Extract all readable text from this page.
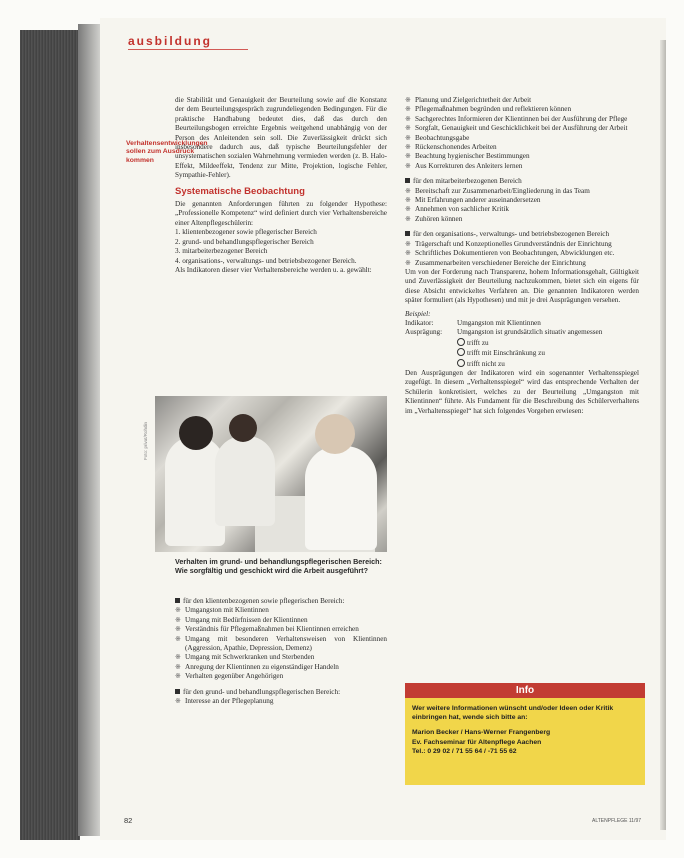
ausbildung
Verhaltensentwicklungen sollen zum Ausdruck kommen

die Stabilität und Genauigkeit der Beurteilung sowie auf die Konstanz der dem Beurteilungsgespräch zugrundeliegenden Bedingungen. Für die praktische Handhabung bedeutet dies, daß das durch den Beurteilungsbogen erreichte Ergebnis weitgehend unabhängig von der Person des Anleitenden sein soll. Die Zuverlässigkeit drückt sich insbesondere dadurch aus, daß typische Beurteilungsfehler der unsystematischen sozialen Wahrnehmung vermieden werden (z. B. Halo-Effekt, Mildeeffekt, Tendenz zur Mitte, Projektion, logische Fehler, Sympathie-Fehler).

Systematische Beobachtung

Die genannten Anforderungen führten zu folgender Hypothese: „Professionelle Kompetenz“ wird definiert durch vier Verhaltensbereiche einer Altenpflegeschülerin:

1. klientenbezogener sowie pflegerischer Bereich
2. grund- und behandlungspflegerischer Bereich
3. mitarbeiterbezogener Bereich
4. organisations-, verwaltungs- und betriebsbezogener Bereich.

Als Indikatoren dieser vier Verhaltensbereiche werden u. a. gewählt:

Foto: privat/Rohdin
Verhalten im grund- und behandlungspflegerischen Bereich: Wie sorgfältig und geschickt wird die Arbeit ausgeführt?
für den klientenbezogenen sowie pflegerischen Bereich:
※ Umgangston mit Klientinnen
※ Umgang mit Bedürfnissen der Klientinnen
※ Verständnis für Pflegemaßnahmen bei Klientinnen erreichen
※ Umgang mit besonderen Verhaltensweisen von Klientinnen (Aggression, Apathie, Depression, Demenz)
※ Umgang mit Schwerkranken und Sterbenden
※ Anregung der Klientinnen zu eigenständiger Handeln
※ Verhalten gegenüber Angehörigen
für den grund- und behandlungspflegerischen Bereich:
※ Interesse an der Pflegeplanung
※ Planung und Zielgerichtetheit der Arbeit
※ Pflegemaßnahmen begründen und reflektieren können
※ Sachgerechtes Informieren der Klientinnen bei der Ausführung der Pflege
※ Sorgfalt, Genauigkeit und Geschicklichkeit bei der Ausführung der Arbeit
※ Beobachtungsgabe
※ Rückenschonendes Arbeiten
※ Beachtung hygienischer Bestimmungen
※ Aus Korrekturen des Anleiters lernen
für den mitarbeiterbezogenen Bereich
※ Bereitschaft zur Zusammenarbeit/Eingliederung in das Team
※ Mit Erfahrungen anderer auseinandersetzen
※ Annehmen von sachlicher Kritik
※ Zuhören können
für den organisations-, verwaltungs- und betriebsbezogenen Bereich
※ Trägerschaft und Konzeptionelles Grundverständnis der Einrichtung
※ Schriftliches Dokumentieren von Beobachtungen, Abwicklungen etc.
※ Zusammenarbeiten verschiedener Bereiche der Einrichtung

Um von der Forderung nach Transparenz, hohem Informationsgehalt, Gültigkeit und Zuverlässigkeit der Beurteilung nachzukommen, bietet sich ein eigens für diese Absicht entwickeltes Verfahren an. Die genannten Indikatoren werden später formuliert (als Hypothesen) und mit je drei Ausprägungen versehen.

Beispiel:
Indikator:	Umgangston mit Klientinnen
Ausprägung:	Umgangston ist grundsätzlich situativ angemessen
trifft zu
trifft mit Einschränkung zu
trifft nicht zu

Den Ausprägungen der Indikatoren wird ein sogenannter Verhaltensspiegel zugefügt. In diesem „Verhaltensspiegel“ wird das entsprechende Verhalten der Schülerin konkretisiert, welches zu der Beurteilung „Umgangston mit Klientinnen“ führte. Als Fundament für die Beschreibung des Schülerverhaltens im „Verhaltensspiegel“ hat sich folgendes Vorgehen erwiesen:

Info
Wer weitere Informationen wünscht und/oder Ideen oder Kritik einbringen hat, wende sich bitte an:
Marion Becker / Hans-Werner Frangenberg
Ev. Fachseminar für Altenpflege Aachen
Tel.: 0 29 02 / 71 55 64 / -71 55 62
82	ALTENPFLEGE 11/97
